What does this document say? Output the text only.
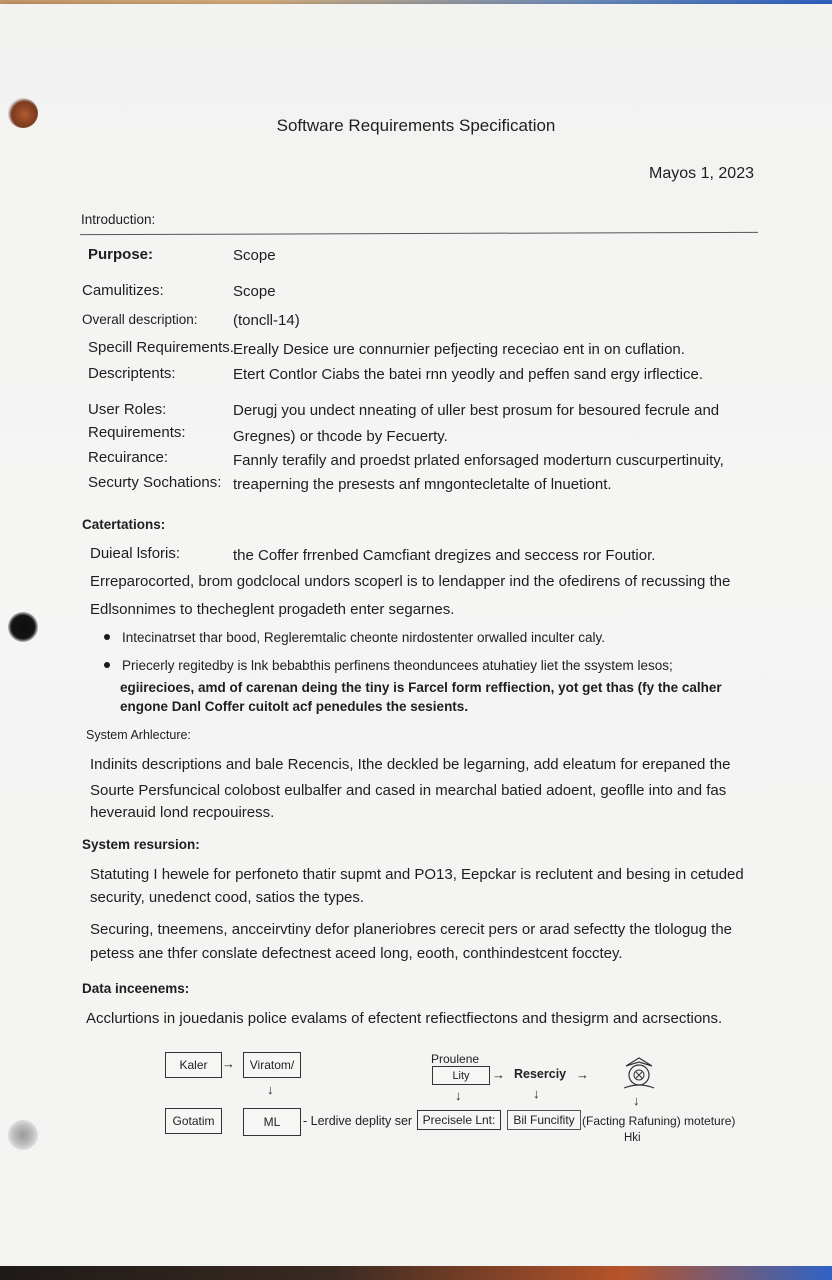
Software Requirements Specification
Mayos 1, 2023
Introduction:
Purpose:	Scope
Camulitizes:	Scope
Overall description: (toncll-14)
Specill Requirements. Ereally Desice ure connurnier pefjecting receciao ent in on cuflation.
Descriptents:	Etert Contlor Ciabs the batei rnn yeodly and peffen sand ergy irflectice.
User Roles:	Derugj you undect nneating of uller best prosum for besoured fecrule and
Requirements:	Gregnes) or thcode by Fecuerty.
Recuirance:	Fannly terafily and proedst prlated enforsaged moderturn cuscurpertinuity,
Securty Sochations: treaperning the presests anf mngontecletalte of lnuetiont.
Catertations:
Duieal lsforis:	the Coffer frrenbed Camcfiant dregizes and seccess ror Foutior.
Erreparocorted, brom godclocal undors scoperl is to lendapper ind the ofedirens of recussing the
Edlsonnimes to thecheglent progadeth enter segarnes.
Intecinatrset thar bood, Regleremtalic cheonte nirdostenter orwalled inculter caly.
Priecerly regitedby is lnk bebabthis perfinens theonduncees atuhatiey liet the ssystem lesos;
egiirecioes, amd of carenan deing the tiny is Farcel form reffiection, yot get thas (fy the calher
engone Danl Coffer cuitolt acf penedules the sesients.
System Arhlecture:
Indinits descriptions and bale Recencis, Ithe deckled be legarning, add eleatum for erepaned the
Sourte Persfuncical colobost eulbalfer and cased in mearchal batied adoent, geoflle into and fas
heverauid lond recpouiress.
System resursion:
Statuting I hewele for perfoneto thatir supmt and PO13, Eepckar is reclutent and besing in cetuded
security, unedenct cood, satios the types.
Securing, tneemens, ancceirvtiny defor planeriobres cerecit pers or arad sefectty the tlologug the
petess ane thfer conslate defectnest aceed long, eooth, conthindestcent focctey.
Data inceenems:
Acclurtions in jouedanis police evalams of efectent refiectfiectons and thesigrm and acrsections.
Kaler	→	Viratom/
↓
Gotatim	ML	- Lerdive deplity ser Precisele Lnt:
Proulene
Lity
↓
→ Reserciy
↓
→
↓
Bil Funcifity (Facting Rafuning) moteture)
Hki
